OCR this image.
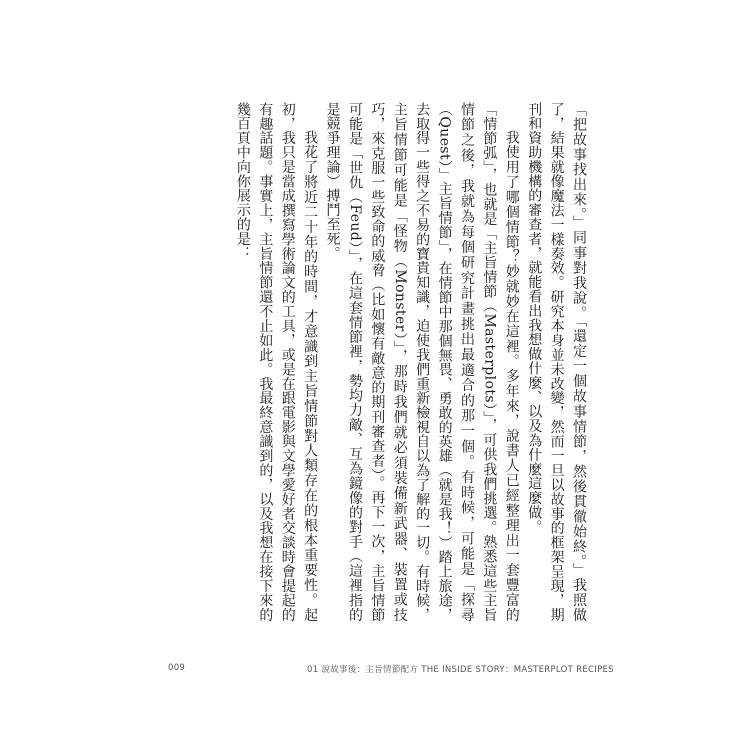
「把故事找出來。」同事對我說。「還定一個故事情節，然後貫徹始終。」我照做了，結果就像魔法一樣奏效。研究本身並未改變，然而一旦以故事的框架呈現，期刊和資助機構的審查者，就能看出我想做什麼、以及為什麼這麼做。

我使用了哪個情節？妙就妙在這裡。多年來，說書人已經整理出一套豐富的「情節弧」，也就是「主旨情節（Masterplots）」，可供我們挑選。熟悉這些主旨情節之後，我就為每個研究計畫挑出最適合的那一個。有時候，可能是「探尋（Quest）」主旨情節」，在情節中那個無畏、勇敢的英雄（就是我！）踏上旅途，去取得一些得之不易的寶貴知識，迫使我們重新檢視自以為了解的一切。有時候，主旨情節可能是「怪物（Monster）」，那時我們就必須裝備新武器、裝置或技巧，來克服一些致命的威脅（比如懷有敵意的期刊審查者）。再下一次，主旨情節可能是「世仇（Feud）」，在這套情節裡，勢均力敵、互為鏡像的對手（這裡指的是競爭理論）搏鬥至死。

我花了將近二十年的時間，才意識到主旨情節對人類存在的根本重要性。起初，我只是當成撰寫學術論文的工具，或是在跟電影與文學愛好者交談時會提起的有趣話題。事實上，主旨情節還不止如此。我最終意識到的，以及我想在接下來的幾百頁中向你展示的是：

009	01 說故事後：主旨情節配方 THE INSIDE STORY：MASTERPLOT RECIPES
